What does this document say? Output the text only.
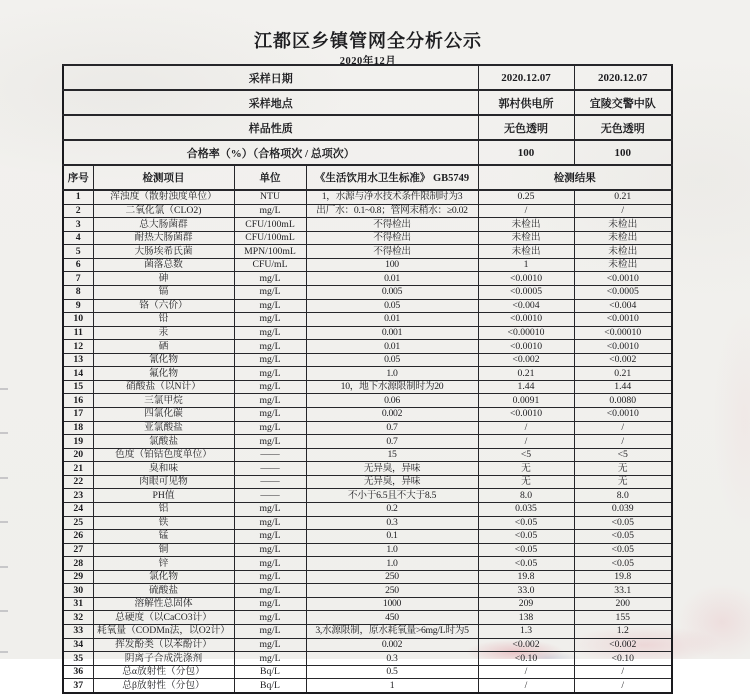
江都区乡镇管网全分析公示
2020年12月
采样日期				2020.12.07	2020.12.07
采样地点				郭村供电所	宜陵交警中队
样品性质				无色透明	无色透明
合格率（%）（合格项次 / 总项次）				100	100
序号	检测项目	单位	《生活饮用水卫生标准》 GB5749	检测结果	
1	浑浊度（散射浊度单位）	NTU	1，水源与净水技术条件限制时为3	0.25	0.21
2	二氧化氯（CLO2)	mg/L	出厂水：0.1~0.8；管网末稍水：≥0.02	/	/
3	总大肠菌群	CFU/100mL	不得检出	未检出	未检出
4	耐热大肠菌群	CFU/100mL	不得检出	未检出	未检出
5	大肠埃希氏菌	MPN/100mL	不得检出	未检出	未检出
6	菌落总数	CFU/mL	100	1	未检出
7	砷	mg/L	0.01	<0.0010	<0.0010
8	镉	mg/L	0.005	<0.0005	<0.0005
9	铬（六价）	mg/L	0.05	<0.004	<0.004
10	铅	mg/L	0.01	<0.0010	<0.0010
11	汞	mg/L	0.001	<0.00010	<0.00010
12	硒	mg/L	0.01	<0.0010	<0.0010
13	氰化物	mg/L	0.05	<0.002	<0.002
14	氟化物	mg/L	1.0	0.21	0.21
15	硝酸盐（以N计）	mg/L	10，地下水源限制时为20	1.44	1.44
16	三氯甲烷	mg/L	0.06	0.0091	0.0080
17	四氯化碳	mg/L	0.002	<0.0010	<0.0010
18	亚氯酸盐	mg/L	0.7	/	/
19	氯酸盐	mg/L	0.7	/	/
20	色度（铂钴色度单位）	——	15	<5	<5
21	臭和味	——	无异臭，异味	无	无
22	肉眼可见物	——	无异臭，异味	无	无
23	PH值	——	不小于6.5且不大于8.5	8.0	8.0
24	铝	mg/L	0.2	0.035	0.039
25	铁	mg/L	0.3	<0.05	<0.05
26	锰	mg/L	0.1	<0.05	<0.05
27	铜	mg/L	1.0	<0.05	<0.05
28	锌	mg/L	1.0	<0.05	<0.05
29	氯化物	mg/L	250	19.8	19.8
30	硫酸盐	mg/L	250	33.0	33.1
31	溶解性总固体	mg/L	1000	209	200
32	总硬度（以CaCO3计）	mg/L	450	138	155
33	耗氧量（CODMn法，以O2计）	mg/L	3,水源限制，原水耗氧量>6mg/L时为5	1.3	1.2
34	挥发酚类（以苯酚计）	mg/L	0.002	<0.002	<0.002
35	阴离子合成洗涤剂	mg/L	0.3	<0.10	<0.10
36	总α放射性（分包）	Bq/L	0.5	/	/
37	总β放射性（分包）	Bq/L	1	/	/
